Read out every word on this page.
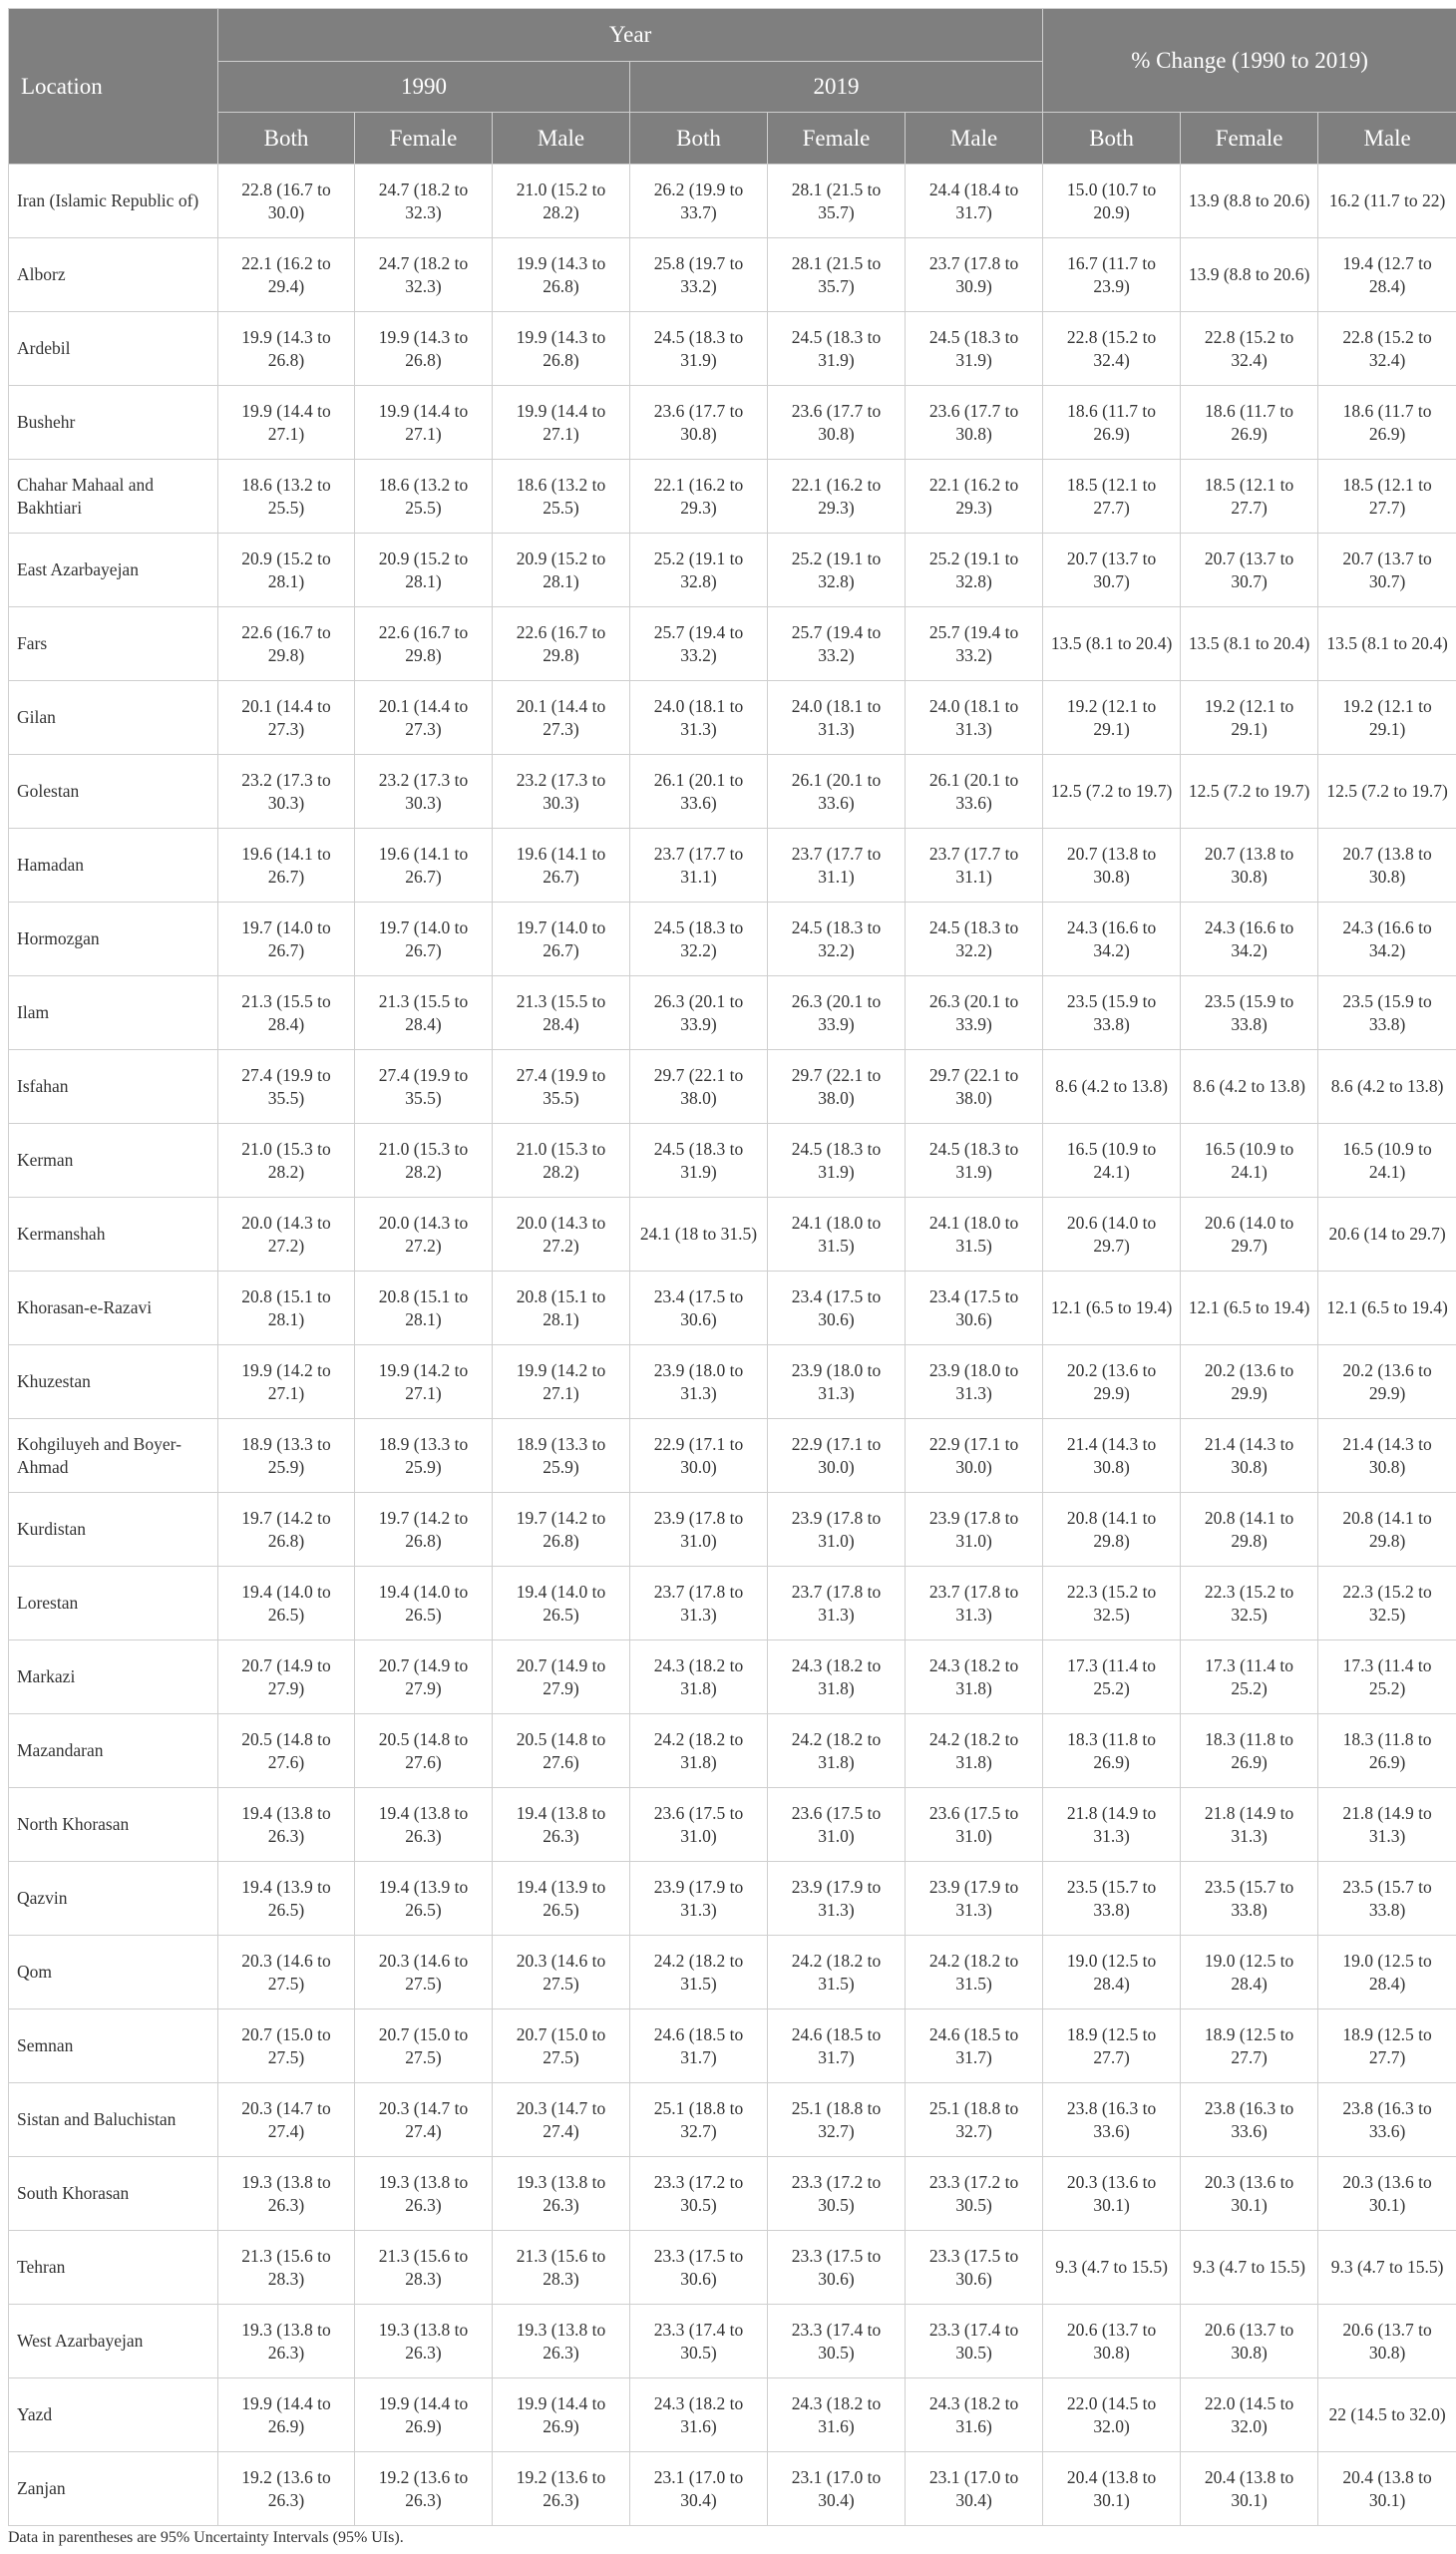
Location	Year						% Change (1990 to 2019)		
	1990			2019					
	Both	Female	Male	Both	Female	Male	Both	Female	Male
Iran (Islamic Republic of)	22.8 (16.7 to 30.0)	24.7 (18.2 to 32.3)	21.0 (15.2 to 28.2)	26.2 (19.9 to 33.7)	28.1 (21.5 to 35.7)	24.4 (18.4 to 31.7)	15.0 (10.7 to 20.9)	13.9 (8.8 to 20.6)	16.2 (11.7 to 22)
Alborz	22.1 (16.2 to 29.4)	24.7 (18.2 to 32.3)	19.9 (14.3 to 26.8)	25.8 (19.7 to 33.2)	28.1 (21.5 to 35.7)	23.7 (17.8 to 30.9)	16.7 (11.7 to 23.9)	13.9 (8.8 to 20.6)	19.4 (12.7 to 28.4)
Ardebil	19.9 (14.3 to 26.8)	19.9 (14.3 to 26.8)	19.9 (14.3 to 26.8)	24.5 (18.3 to 31.9)	24.5 (18.3 to 31.9)	24.5 (18.3 to 31.9)	22.8 (15.2 to 32.4)	22.8 (15.2 to 32.4)	22.8 (15.2 to 32.4)
Bushehr	19.9 (14.4 to 27.1)	19.9 (14.4 to 27.1)	19.9 (14.4 to 27.1)	23.6 (17.7 to 30.8)	23.6 (17.7 to 30.8)	23.6 (17.7 to 30.8)	18.6 (11.7 to 26.9)	18.6 (11.7 to 26.9)	18.6 (11.7 to 26.9)
Chahar Mahaal and Bakhtiari	18.6 (13.2 to 25.5)	18.6 (13.2 to 25.5)	18.6 (13.2 to 25.5)	22.1 (16.2 to 29.3)	22.1 (16.2 to 29.3)	22.1 (16.2 to 29.3)	18.5 (12.1 to 27.7)	18.5 (12.1 to 27.7)	18.5 (12.1 to 27.7)
East Azarbayejan	20.9 (15.2 to 28.1)	20.9 (15.2 to 28.1)	20.9 (15.2 to 28.1)	25.2 (19.1 to 32.8)	25.2 (19.1 to 32.8)	25.2 (19.1 to 32.8)	20.7 (13.7 to 30.7)	20.7 (13.7 to 30.7)	20.7 (13.7 to 30.7)
Fars	22.6 (16.7 to 29.8)	22.6 (16.7 to 29.8)	22.6 (16.7 to 29.8)	25.7 (19.4 to 33.2)	25.7 (19.4 to 33.2)	25.7 (19.4 to 33.2)	13.5 (8.1 to 20.4)	13.5 (8.1 to 20.4)	13.5 (8.1 to 20.4)
Gilan	20.1 (14.4 to 27.3)	20.1 (14.4 to 27.3)	20.1 (14.4 to 27.3)	24.0 (18.1 to 31.3)	24.0 (18.1 to 31.3)	24.0 (18.1 to 31.3)	19.2 (12.1 to 29.1)	19.2 (12.1 to 29.1)	19.2 (12.1 to 29.1)
Golestan	23.2 (17.3 to 30.3)	23.2 (17.3 to 30.3)	23.2 (17.3 to 30.3)	26.1 (20.1 to 33.6)	26.1 (20.1 to 33.6)	26.1 (20.1 to 33.6)	12.5 (7.2 to 19.7)	12.5 (7.2 to 19.7)	12.5 (7.2 to 19.7)
Hamadan	19.6 (14.1 to 26.7)	19.6 (14.1 to 26.7)	19.6 (14.1 to 26.7)	23.7 (17.7 to 31.1)	23.7 (17.7 to 31.1)	23.7 (17.7 to 31.1)	20.7 (13.8 to 30.8)	20.7 (13.8 to 30.8)	20.7 (13.8 to 30.8)
Hormozgan	19.7 (14.0 to 26.7)	19.7 (14.0 to 26.7)	19.7 (14.0 to 26.7)	24.5 (18.3 to 32.2)	24.5 (18.3 to 32.2)	24.5 (18.3 to 32.2)	24.3 (16.6 to 34.2)	24.3 (16.6 to 34.2)	24.3 (16.6 to 34.2)
Ilam	21.3 (15.5 to 28.4)	21.3 (15.5 to 28.4)	21.3 (15.5 to 28.4)	26.3 (20.1 to 33.9)	26.3 (20.1 to 33.9)	26.3 (20.1 to 33.9)	23.5 (15.9 to 33.8)	23.5 (15.9 to 33.8)	23.5 (15.9 to 33.8)
Isfahan	27.4 (19.9 to 35.5)	27.4 (19.9 to 35.5)	27.4 (19.9 to 35.5)	29.7 (22.1 to 38.0)	29.7 (22.1 to 38.0)	29.7 (22.1 to 38.0)	8.6 (4.2 to 13.8)	8.6 (4.2 to 13.8)	8.6 (4.2 to 13.8)
Kerman	21.0 (15.3 to 28.2)	21.0 (15.3 to 28.2)	21.0 (15.3 to 28.2)	24.5 (18.3 to 31.9)	24.5 (18.3 to 31.9)	24.5 (18.3 to 31.9)	16.5 (10.9 to 24.1)	16.5 (10.9 to 24.1)	16.5 (10.9 to 24.1)
Kermanshah	20.0 (14.3 to 27.2)	20.0 (14.3 to 27.2)	20.0 (14.3 to 27.2)	24.1 (18 to 31.5)	24.1 (18.0 to 31.5)	24.1 (18.0 to 31.5)	20.6 (14.0 to 29.7)	20.6 (14.0 to 29.7)	20.6 (14 to 29.7)
Khorasan-e-Razavi	20.8 (15.1 to 28.1)	20.8 (15.1 to 28.1)	20.8 (15.1 to 28.1)	23.4 (17.5 to 30.6)	23.4 (17.5 to 30.6)	23.4 (17.5 to 30.6)	12.1 (6.5 to 19.4)	12.1 (6.5 to 19.4)	12.1 (6.5 to 19.4)
Khuzestan	19.9 (14.2 to 27.1)	19.9 (14.2 to 27.1)	19.9 (14.2 to 27.1)	23.9 (18.0 to 31.3)	23.9 (18.0 to 31.3)	23.9 (18.0 to 31.3)	20.2 (13.6 to 29.9)	20.2 (13.6 to 29.9)	20.2 (13.6 to 29.9)
Kohgiluyeh and Boyer-Ahmad	18.9 (13.3 to 25.9)	18.9 (13.3 to 25.9)	18.9 (13.3 to 25.9)	22.9 (17.1 to 30.0)	22.9 (17.1 to 30.0)	22.9 (17.1 to 30.0)	21.4 (14.3 to 30.8)	21.4 (14.3 to 30.8)	21.4 (14.3 to 30.8)
Kurdistan	19.7 (14.2 to 26.8)	19.7 (14.2 to 26.8)	19.7 (14.2 to 26.8)	23.9 (17.8 to 31.0)	23.9 (17.8 to 31.0)	23.9 (17.8 to 31.0)	20.8 (14.1 to 29.8)	20.8 (14.1 to 29.8)	20.8 (14.1 to 29.8)
Lorestan	19.4 (14.0 to 26.5)	19.4 (14.0 to 26.5)	19.4 (14.0 to 26.5)	23.7 (17.8 to 31.3)	23.7 (17.8 to 31.3)	23.7 (17.8 to 31.3)	22.3 (15.2 to 32.5)	22.3 (15.2 to 32.5)	22.3 (15.2 to 32.5)
Markazi	20.7 (14.9 to 27.9)	20.7 (14.9 to 27.9)	20.7 (14.9 to 27.9)	24.3 (18.2 to 31.8)	24.3 (18.2 to 31.8)	24.3 (18.2 to 31.8)	17.3 (11.4 to 25.2)	17.3 (11.4 to 25.2)	17.3 (11.4 to 25.2)
Mazandaran	20.5 (14.8 to 27.6)	20.5 (14.8 to 27.6)	20.5 (14.8 to 27.6)	24.2 (18.2 to 31.8)	24.2 (18.2 to 31.8)	24.2 (18.2 to 31.8)	18.3 (11.8 to 26.9)	18.3 (11.8 to 26.9)	18.3 (11.8 to 26.9)
North Khorasan	19.4 (13.8 to 26.3)	19.4 (13.8 to 26.3)	19.4 (13.8 to 26.3)	23.6 (17.5 to 31.0)	23.6 (17.5 to 31.0)	23.6 (17.5 to 31.0)	21.8 (14.9 to 31.3)	21.8 (14.9 to 31.3)	21.8 (14.9 to 31.3)
Qazvin	19.4 (13.9 to 26.5)	19.4 (13.9 to 26.5)	19.4 (13.9 to 26.5)	23.9 (17.9 to 31.3)	23.9 (17.9 to 31.3)	23.9 (17.9 to 31.3)	23.5 (15.7 to 33.8)	23.5 (15.7 to 33.8)	23.5 (15.7 to 33.8)
Qom	20.3 (14.6 to 27.5)	20.3 (14.6 to 27.5)	20.3 (14.6 to 27.5)	24.2 (18.2 to 31.5)	24.2 (18.2 to 31.5)	24.2 (18.2 to 31.5)	19.0 (12.5 to 28.4)	19.0 (12.5 to 28.4)	19.0 (12.5 to 28.4)
Semnan	20.7 (15.0 to 27.5)	20.7 (15.0 to 27.5)	20.7 (15.0 to 27.5)	24.6 (18.5 to 31.7)	24.6 (18.5 to 31.7)	24.6 (18.5 to 31.7)	18.9 (12.5 to 27.7)	18.9 (12.5 to 27.7)	18.9 (12.5 to 27.7)
Sistan and Baluchistan	20.3 (14.7 to 27.4)	20.3 (14.7 to 27.4)	20.3 (14.7 to 27.4)	25.1 (18.8 to 32.7)	25.1 (18.8 to 32.7)	25.1 (18.8 to 32.7)	23.8 (16.3 to 33.6)	23.8 (16.3 to 33.6)	23.8 (16.3 to 33.6)
South Khorasan	19.3 (13.8 to 26.3)	19.3 (13.8 to 26.3)	19.3 (13.8 to 26.3)	23.3 (17.2 to 30.5)	23.3 (17.2 to 30.5)	23.3 (17.2 to 30.5)	20.3 (13.6 to 30.1)	20.3 (13.6 to 30.1)	20.3 (13.6 to 30.1)
Tehran	21.3 (15.6 to 28.3)	21.3 (15.6 to 28.3)	21.3 (15.6 to 28.3)	23.3 (17.5 to 30.6)	23.3 (17.5 to 30.6)	23.3 (17.5 to 30.6)	9.3 (4.7 to 15.5)	9.3 (4.7 to 15.5)	9.3 (4.7 to 15.5)
West Azarbayejan	19.3 (13.8 to 26.3)	19.3 (13.8 to 26.3)	19.3 (13.8 to 26.3)	23.3 (17.4 to 30.5)	23.3 (17.4 to 30.5)	23.3 (17.4 to 30.5)	20.6 (13.7 to 30.8)	20.6 (13.7 to 30.8)	20.6 (13.7 to 30.8)
Yazd	19.9 (14.4 to 26.9)	19.9 (14.4 to 26.9)	19.9 (14.4 to 26.9)	24.3 (18.2 to 31.6)	24.3 (18.2 to 31.6)	24.3 (18.2 to 31.6)	22.0 (14.5 to 32.0)	22.0 (14.5 to 32.0)	22 (14.5 to 32.0)
Zanjan	19.2 (13.6 to 26.3)	19.2 (13.6 to 26.3)	19.2 (13.6 to 26.3)	23.1 (17.0 to 30.4)	23.1 (17.0 to 30.4)	23.1 (17.0 to 30.4)	20.4 (13.8 to 30.1)	20.4 (13.8 to 30.1)	20.4 (13.8 to 30.1)
Data in parentheses are 95% Uncertainty Intervals (95% UIs).
